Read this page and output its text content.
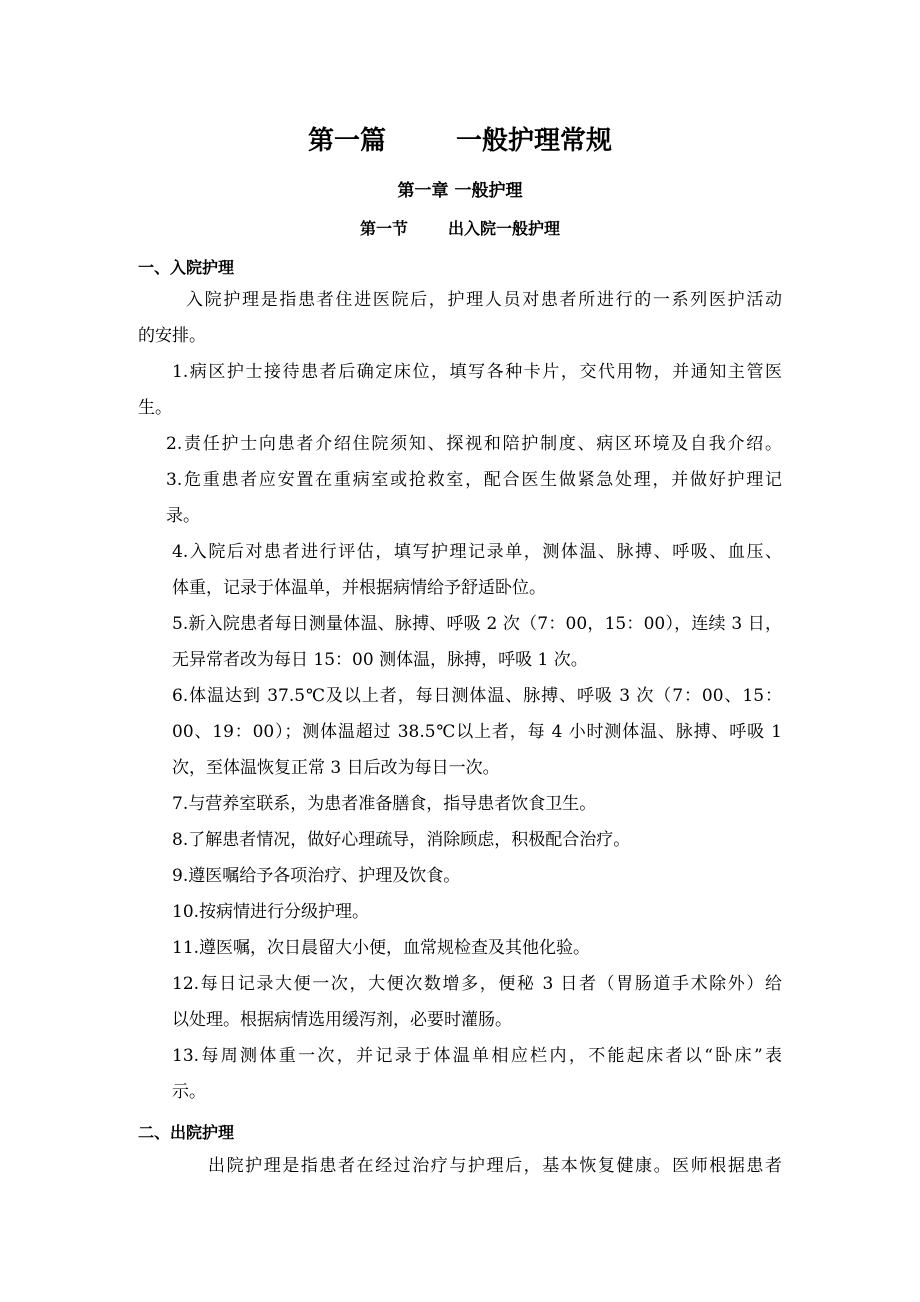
第一篇	一般护理常规
第一章 一般护理
第一节	出入院一般护理
一、入院护理
入院护理是指患者住进医院后，护理人员对患者所进行的一系列医护活动
的安排。
1.病区护士接待患者后确定床位，填写各种卡片，交代用物，并通知主管医
生。
2.责任护士向患者介绍住院须知、探视和陪护制度、病区环境及自我介绍。
3.危重患者应安置在重病室或抢救室，配合医生做紧急处理，并做好护理记
录。
4.入院后对患者进行评估，填写护理记录单，测体温、脉搏、呼吸、血压、
体重，记录于体温单，并根据病情给予舒适卧位。
5.新入院患者每日测量体温、脉搏、呼吸 2 次（7：00，15：00），连续 3 日，
无异常者改为每日 15：00 测体温，脉搏，呼吸 1 次。
6.体温达到 37.5℃及以上者，每日测体温、脉搏、呼吸 3 次（7：00、15：
00、19：00）；测体温超过 38.5℃以上者，每 4 小时测体温、脉搏、呼吸 1
次，至体温恢复正常 3 日后改为每日一次。
7.与营养室联系，为患者准备膳食，指导患者饮食卫生。
8.了解患者情况，做好心理疏导，消除顾虑，积极配合治疗。
9.遵医嘱给予各项治疗、护理及饮食。
10.按病情进行分级护理。
11.遵医嘱，次日晨留大小便，血常规检查及其他化验。
12.每日记录大便一次，大便次数增多，便秘 3 日者（胃肠道手术除外）给
以处理。根据病情选用缓泻剂，必要时灌肠。
13.每周测体重一次，并记录于体温单相应栏内，不能起床者以“卧床”表
示。
二、出院护理
出院护理是指患者在经过治疗与护理后，基本恢复健康。医师根据患者
